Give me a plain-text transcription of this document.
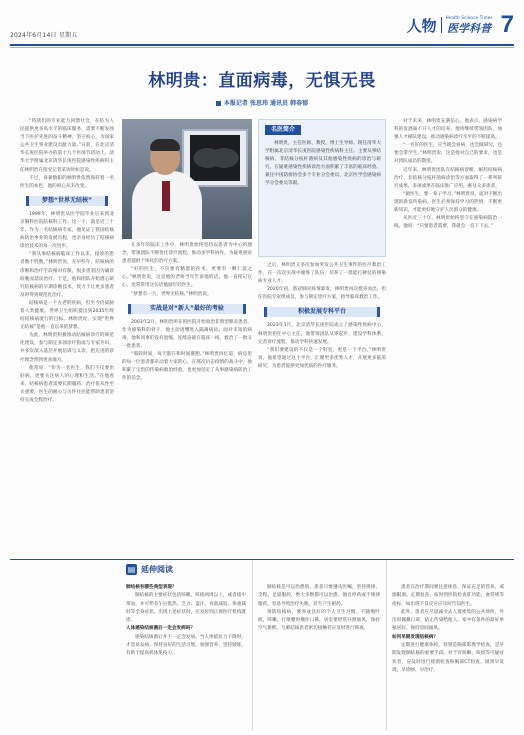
2024年6月14日 星期五
人物 Health Science Times
医学科普 7
林明贵：直面病毒，无惧无畏
本报记者 张思玮 通讯员 韩春郁

“将我们的专业能力回馈社会，在结为人民提供更多高水平的临床服务，需要不断发扬当下医护先进的奋斗精神，坚守初心，为国家公共卫生事业建设贡献力量。”日前，在北京清华长庚医院举办的第十九个医师节活动上，清华大学附属北京清华长庚医院感染性疾病科主任林明贵在接受记者采访时如是说。

不过，身兼数职的林明贵依然保持着一名医生的本色，他的初心从未改变。

梦想“世界无结核”

1999年，林明贵从医学院毕业后来到北京胸科医院结核科工作。这一干，就是近三十年。作为一名结核病专家，他见证了我国结核病防治事业的发展历程，也亲身经历了结核病诊治技术的每一次进步。

“我从事结核病临床工作以来，接诊的患者数不胜数。”林明贵说，在早些年，结核病的诊断和治疗手段相对有限，很多患者因为确诊较晚而延误治疗。于是，他和团队开始潜心研究结核病的早期诊断技术，致力于让更多患者及时得到规范化治疗。

结核病是一个古老的疾病，但至今仍威胁着人类健康。世界卫生组织提出到2035年终结结核病流行的目标。林明贵说，实现“世界无结核”是他一直以来的梦想。

为此，林明贵积极推动结核病诊疗的规范化建设，参与制定多项诊疗指南与专家共识，并多次深入基层开展培训与义诊，把先进的诊疗理念带到更多地方。

他常说：“作为一名医生，我们不仅要治好病，更要关注病人的心理和生活。”在他看来，结核病患者需要长期服药，治疗依从性至关重要，医生的耐心与关怀往往能帮助患者坚持完成全程治疗。

在多年的临床工作中，林明贵始终坚持以患者为中心的理念，带领团队不断优化诊疗流程，推动多学科协作，为疑难重症患者提供个体化的治疗方案。

“好的医生，不仅要有精湛的医术，更要有一颗仁爱之心。”林明贵说，这是他的老师当年告诉他的话，他一直铭记在心，也常常用这句话勉励年轻医生。

“梦想有一天，世界无结核。”林明贵说。

实战是对“新人”最好的考验

2003年2月，林明贵所在的医院开始收治非典型肺炎患者。作为感染科的骨干，他主动请缨进入隔离病房。面对未知的病毒，他和同事们没有退缩，连续奋战在临床一线，救治了一批又一批患者。

“那段时间，每天都在和时间赛跑。”林明贵回忆道，病房里的每一位患者都牵动着大家的心。在那次抗击疫情的战斗中，他积累了宝贵的传染病救治经验，也更加坚定了从事感染病防治工作的信念。

名医简介

林明贵，主任医师、教授，博士生导师。现任清华大学附属北京清华长庚医院感染性疾病科主任。主要从事结核病、非结核分枝杆菌病及其他感染性疾病的诊治与研究，在疑难感染性疾病诊治方面积累了丰富的临床经验。兼任中国防痨协会多个专业分会委员、北京医学会感染病学分会委员等职。

之后，林明贵又多次参加突发公共卫生事件的医疗救治工作，在一次次实战中锤炼了队伍，培养了一批能打硬仗的感染病专业人才。

2020年初，新冠肺炎疫情暴发，林明贵再次挺身而出，担任医院专家组成员，参与制定诊疗方案，指导临床救治工作。

积极发展专科平台

2023年1月，北京清华长庚医院成立了感染性疾病中心，林明贵担任中心主任。他带领团队从零起步，建设学科体系，完善诊疗流程，推动学科快速发展。

“我们要建设的不仅是一个科室，更是一个平台。”林明贵说，他希望通过这个平台，汇聚更多优秀人才，开展更多临床研究，为患者提供更加优质的医疗服务。

对于未来，林明贵充满信心。他表示，感染病学科的发展离不开人才的培养，他将继续带领团队，加强人才梯队建设，推动感染病诊疗水平的不断提高。

“一名好的医生，应当既会看病，也会做研究，还要会带学生。”林明贵说，这是他对自己的要求，也是对团队成员的期望。

近年来，林明贵团队在结核病诊断、耐药结核病治疗、非结核分枝杆菌病诊治等方面取得了一系列研究成果，多项成果在临床推广应用，惠及众多患者。

“做医生，要一辈子学习。”林明贵说，面对不断出现的新发传染病，医生必须保持学习的热情，不断更新知识，才能更好地守护人民群众的健康。

从医近三十年，林明贵始终坚守在感染病防治一线。他说：“只要患者需要，我就会一直干下去。”

▤ 延伸阅读

肺结核有哪些典型表现？

肺结核的主要症状包括咳嗽、咳痰两周以上，或者痰中带血，并可伴有午后低热、乏力、盗汗、食欲减退、体重减轻等全身症状。出现上述症状时，应及时到正规医疗机构就诊。

人体感染结核菌后一定会发病吗？

感染结核菌后并不一定会发病。当人体抵抗力下降时，才容易发病。保持良好的生活习惯，加强营养，坚持锻炼，有助于提高机体免疫力。

肺结核是可以治愈的。患者只要遵从医嘱，坚持规律、全程、足量服药，绝大多数都可以治愈。擅自停药或不规律服药，容易导致治疗失败，甚至产生耐药。

预防结核病，要养成良好的个人卫生习惯，不随地吐痰，咳嗽、打喷嚏时掩住口鼻。居室要经常开窗通风，保持空气新鲜。与肺结核患者密切接触者应及时进行筛查。

患者在治疗期间要注意休息，保证充足的营养，戒烟限酒。定期复查，按时到医院检查肝功能、血常规等指标，如出现不良反应应及时告知医生。

此外，患者应尽量减少去人群密集的公共场所，外出时佩戴口罩，防止传染给他人。家中有条件的最好单独居住，保持房间通风。

如何早期发现结核病？

定期进行健康体检，特别是胸部影像学检查，是早期发现肺结核的重要手段。对于有咳嗽、咳痰等可疑症状者，应及时进行痰菌检查和胸部CT检查，做到早发现、早诊断、早治疗。
